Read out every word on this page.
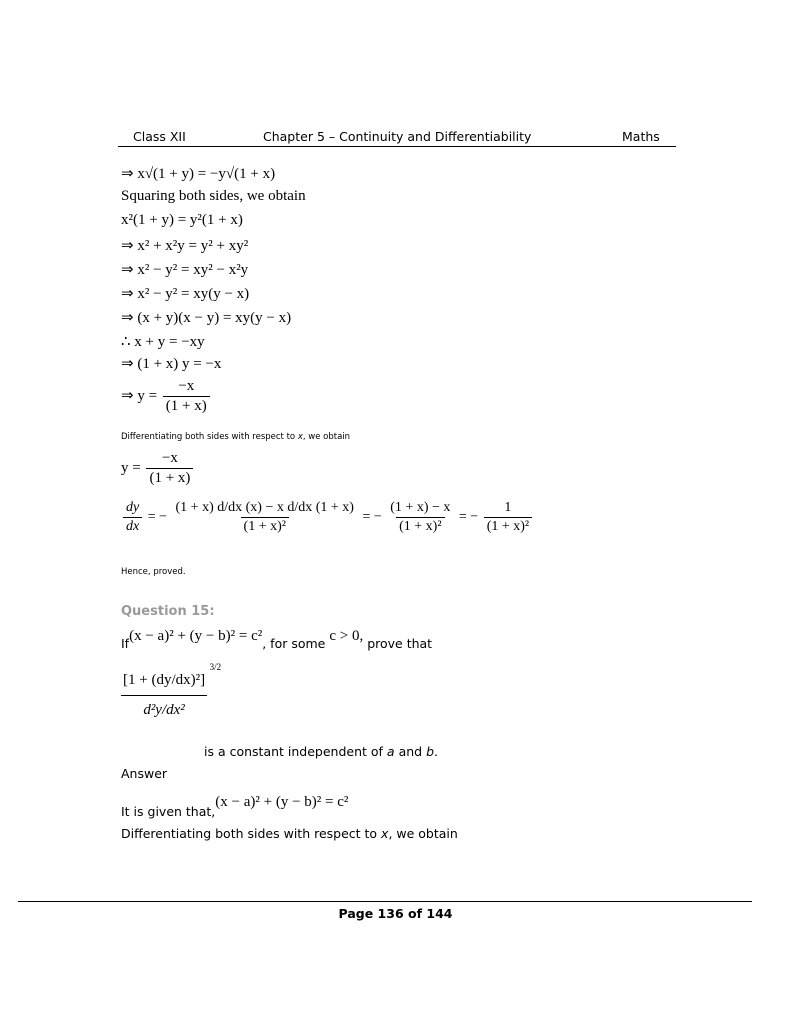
Class XII	Chapter 5 – Continuity and Differentiability	Maths
⇒ x√(1 + y) = −y√(1 + x)
Squaring both sides, we obtain
x²(1 + y) = y²(1 + x)
⇒ x² + x²y = y² + xy²
⇒ x² − y² = xy² − x²y
⇒ x² − y² = xy(y − x)
⇒ (x + y)(x − y) = xy(y − x)
∴ x + y = −xy
⇒ (1 + x) y = −x
⇒ $y = \frac{-x}{(1 + x)}$
Differentiating both sides with respect to x, we obtain
$y = \frac{-x}{(1 + x)}$
$\frac{dy}{dx}$ = − $\frac{\text{(1 + x) d/dx (x) − x d/dx (1 + x)}}{\text{(1 + x)²}}$ = − $\frac{(1 + x) - x}{\text{(1 + x)²}}$ = − $\frac{1}{\text{(1 + x)²}}$
Hence, proved.
Question 15:
If(x − a)² + (y − b)² = c², for some c > 0, prove that
[1 + (dy/dx)²]
3/2
d²y/dx²
is a constant independent of a and b.
Answer
It is given that,(x − a)² + (y − b)² = c²
Differentiating both sides with respect to x, we obtain
Page 136 of 144
